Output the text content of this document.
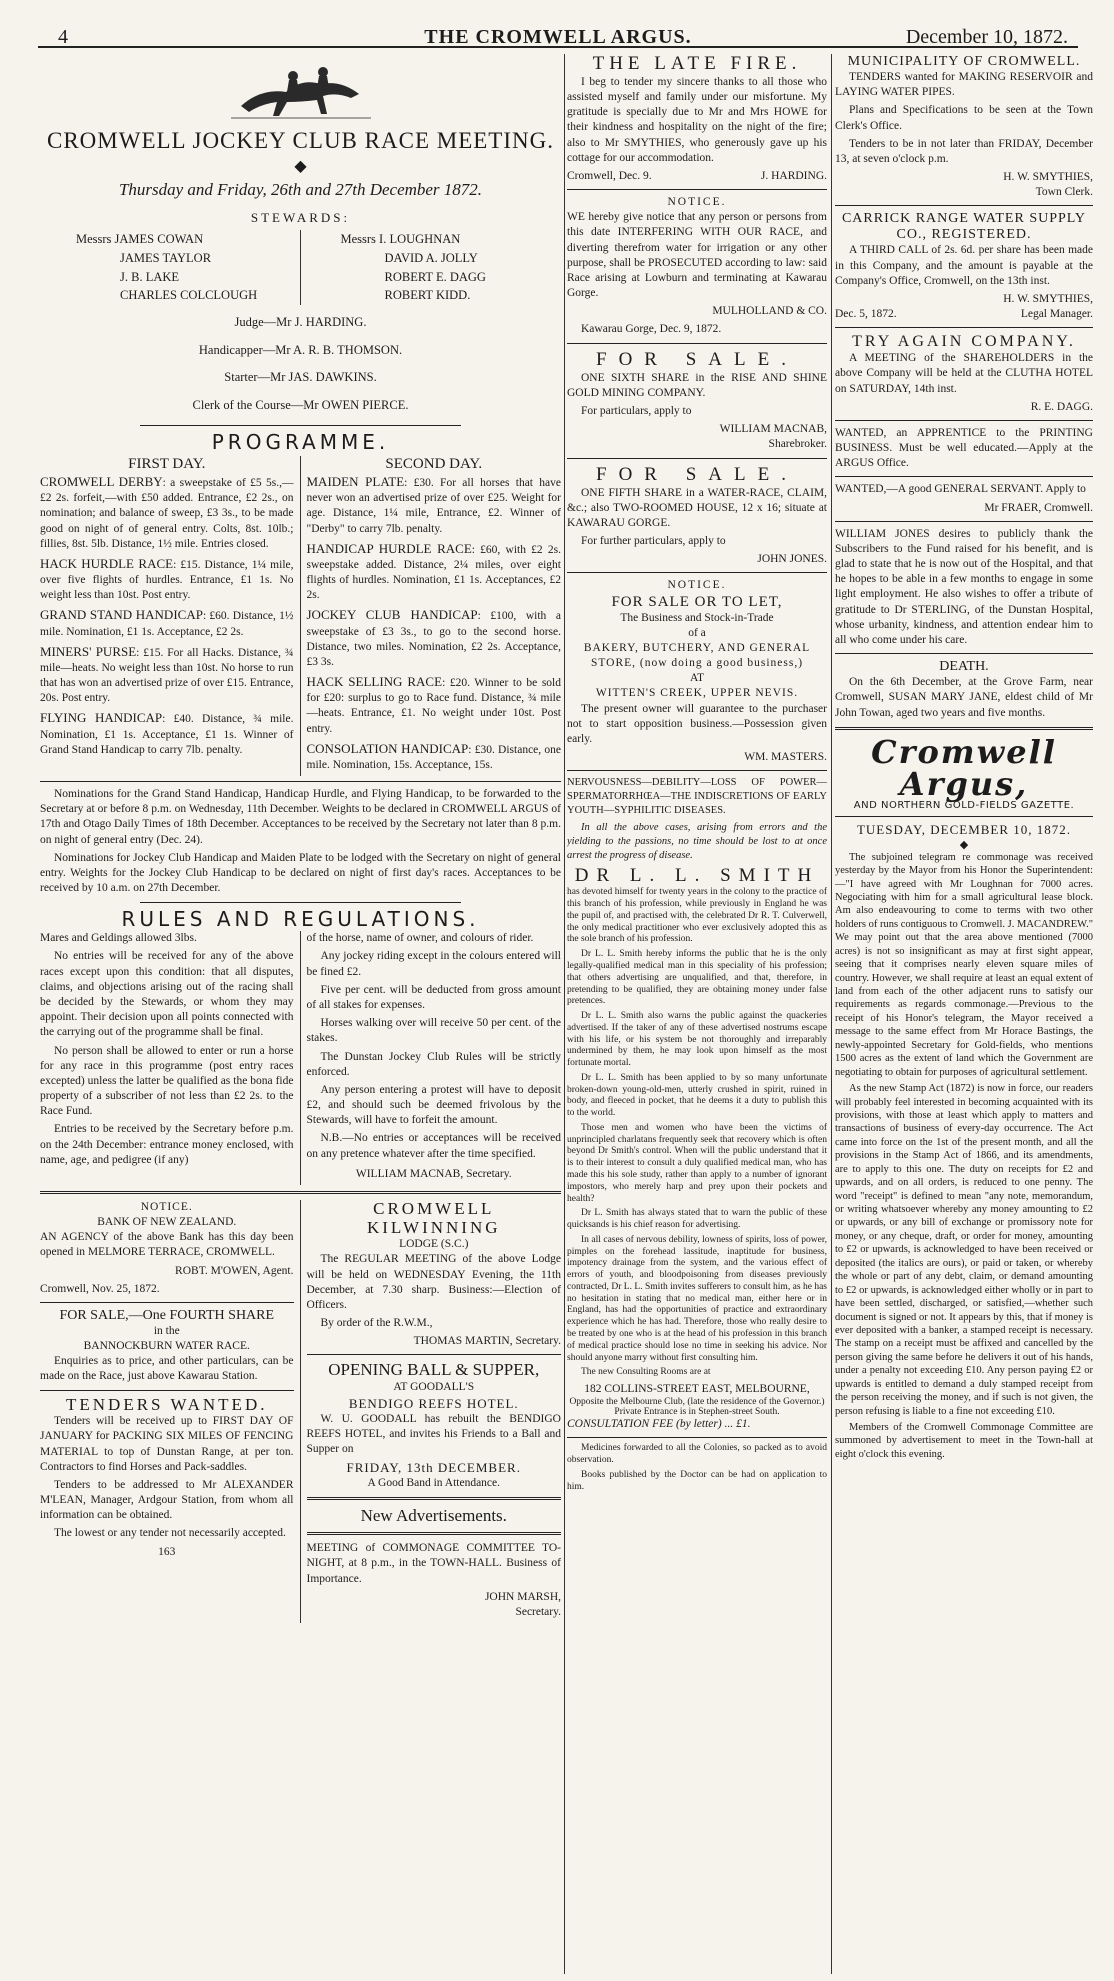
4	THE CROMWELL ARGUS.	December 10, 1872.
CROMWELL JOCKEY CLUB RACE MEETING.
◆
Thursday and Friday, 26th and 27th December 1872.
STEWARDS:
Messrs JAMES COWAN
JAMES TAYLOR
J. B. LAKE
CHARLES COLCLOUGH
Messrs I. LOUGHNAN
DAVID A. JOLLY
ROBERT E. DAGG
ROBERT KIDD.
Judge—Mr J. HARDING.
Handicapper—Mr A. R. B. THOMSON.
Starter—Mr JAS. DAWKINS.
Clerk of the Course—Mr OWEN PIERCE.
PROGRAMME.
FIRST DAY.
CROMWELL DERBY: a sweepstake of £5 5s.,—£2 2s. forfeit,—with £50 added. Entrance, £2 2s., on nomination; and balance of sweep, £3 3s., to be made good on night of of general entry. Colts, 8st. 10lb.; fillies, 8st. 5lb. Distance, 1½ mile. Entries closed.
HACK HURDLE RACE: £15. Distance, 1¼ mile, over five flights of hurdles. Entrance, £1 1s. No weight less than 10st. Post entry.
GRAND STAND HANDICAP: £60. Distance, 1½ mile. Nomination, £1 1s. Acceptance, £2 2s.
MINERS' PURSE: £15. For all Hacks. Distance, ¾ mile—heats. No weight less than 10st. No horse to run that has won an advertised prize of over £15. Entrance, 20s. Post entry.
FLYING HANDICAP: £40. Distance, ¾ mile. Nomination, £1 1s. Acceptance, £1 1s. Winner of Grand Stand Handicap to carry 7lb. penalty.
SECOND DAY.
MAIDEN PLATE: £30. For all horses that have never won an advertised prize of over £25. Weight for age. Distance, 1¼ mile, Entrance, £2. Winner of "Derby" to carry 7lb. penalty.
HANDICAP HURDLE RACE: £60, with £2 2s. sweepstake added. Distance, 2¼ miles, over eight flights of hurdles. Nomination, £1 1s. Acceptances, £2 2s.
JOCKEY CLUB HANDICAP: £100, with a sweepstake of £3 3s., to go to the second horse. Distance, two miles. Nomination, £2 2s. Acceptance, £3 3s.
HACK SELLING RACE: £20. Winner to be sold for £20: surplus to go to Race fund. Distance, ¾ mile—heats. Entrance, £1. No weight under 10st. Post entry.
CONSOLATION HANDICAP: £30. Distance, one mile. Nomination, 15s. Acceptance, 15s.

Nominations for the Grand Stand Handicap, Handicap Hurdle, and Flying Handicap, to be forwarded to the Secretary at or before 8 p.m. on Wednesday, 11th December. Weights to be declared in CROMWELL ARGUS of 17th and Otago Daily Times of 18th December. Acceptances to be received by the Secretary not later than 8 p.m. on night of general entry (Dec. 24).

Nominations for Jockey Club Handicap and Maiden Plate to be lodged with the Secretary on night of general entry. Weights for the Jockey Club Handicap to be declared on night of first day's races. Acceptances to be received by 10 a.m. on 27th December.

RULES AND REGULATIONS.

Mares and Geldings allowed 3lbs.

No entries will be received for any of the above races except upon this condition: that all disputes, claims, and objections arising out of the racing shall be decided by the Stewards, or whom they may appoint. Their decision upon all points connected with the carrying out of the programme shall be final.

No person shall be allowed to enter or run a horse for any race in this programme (post entry races excepted) unless the latter be qualified as the bona fide property of a subscriber of not less than £2 2s. to the Race Fund.

Entries to be received by the Secretary before p.m. on the 24th December: entrance money enclosed, with name, age, and pedigree (if any)

of the horse, name of owner, and colours of rider.

Any jockey riding except in the colours entered will be fined £2.

Five per cent. will be deducted from gross amount of all stakes for expenses.

Horses walking over will receive 50 per cent. of the stakes.

The Dunstan Jockey Club Rules will be strictly enforced.

Any person entering a protest will have to deposit £2, and should such be deemed frivolous by the Stewards, will have to forfeit the amount.

N.B.—No entries or acceptances will be received on any pretence whatever after the time specified.

WILLIAM MACNAB, Secretary.

NOTICE.
BANK OF NEW ZEALAND.

AN AGENCY of the above Bank has this day been opened in MELMORE TERRACE, CROMWELL.

ROBT. M'OWEN, Agent.

Cromwell, Nov. 25, 1872.

FOR SALE,—One FOURTH SHARE
in the
BANNOCKBURN WATER RACE.

Enquiries as to price, and other particulars, can be made on the Race, just above Kawarau Station.

TENDERS WANTED.

Tenders will be received up to FIRST DAY OF JANUARY for PACKING SIX MILES OF FENCING MATERIAL to top of Dunstan Range, at per ton. Contractors to find Horses and Pack-saddles.

Tenders to be addressed to Mr ALEXANDER M'LEAN, Manager, Ardgour Station, from whom all information can be obtained.

The lowest or any tender not necessarily accepted.

163

CROMWELL KILWINNING
LODGE (S.C.)

The REGULAR MEETING of the above Lodge will be held on WEDNESDAY Evening, the 11th December, at 7.30 sharp. Business:—Election of Officers.

By order of the R.W.M.,

THOMAS MARTIN, Secretary.

OPENING BALL & SUPPER,
AT GOODALL'S
BENDIGO REEFS HOTEL.

W. U. GOODALL has rebuilt the BENDIGO REEFS HOTEL, and invites his Friends to a Ball and Supper on

FRIDAY, 13th DECEMBER.
A Good Band in Attendance.
New Advertisements.

MEETING of COMMONAGE COMMITTEE TO-NIGHT, at 8 p.m., in the TOWN-HALL. Business of Importance.

JOHN MARSH,

Secretary.

THE LATE FIRE.

I beg to tender my sincere thanks to all those who assisted myself and family under our misfortune. My gratitude is specially due to Mr and Mrs HOWE for their kindness and hospitality on the night of the fire; also to Mr SMYTHIES, who generously gave up his cottage for our accommodation.

Cromwell, Dec. 9.	J. HARDING.
NOTICE.

WE hereby give notice that any person or persons from this date INTERFERING WITH OUR RACE, and diverting therefrom water for irrigation or any other purpose, shall be PROSECUTED according to law: said Race arising at Lowburn and terminating at Kawarau Gorge.

MULHOLLAND & CO.

Kawarau Gorge, Dec. 9, 1872.

FOR SALE.

ONE SIXTH SHARE in the RISE AND SHINE GOLD MINING COMPANY.

For particulars, apply to

WILLIAM MACNAB,

Sharebroker.

FOR SALE.

ONE FIFTH SHARE in a WATER-RACE, CLAIM, &c.; also TWO-ROOMED HOUSE, 12 x 16; situate at KAWARAU GORGE.

For further particulars, apply to

JOHN JONES.

NOTICE.
FOR SALE OR TO LET,
The Business and Stock-in-Trade
of a
BAKERY, BUTCHERY, AND GENERAL STORE, (now doing a good business,)
AT
WITTEN'S CREEK, UPPER NEVIS.

The present owner will guarantee to the purchaser not to start opposition business.—Possession given early.

WM. MASTERS.

NERVOUSNESS—DEBILITY—LOSS OF POWER—SPERMATORRHŒA—THE INDISCRETIONS OF EARLY YOUTH—SYPHILITIC DISEASES.

In all the above cases, arising from errors and the yielding to the passions, no time should be lost to at once arrest the progress of disease.

DR L. L. SMITH

has devoted himself for twenty years in the colony to the practice of this branch of his profession, while previously in England he was the pupil of, and practised with, the celebrated Dr R. T. Culverwell, the only medical practitioner who ever exclusively adopted this as the sole branch of his profession.

Dr L. L. Smith hereby informs the public that he is the only legally-qualified medical man in this speciality of his profession; that others advertising are unqualified, and that, therefore, in pretending to be qualified, they are obtaining money under false pretences.

Dr L. L. Smith also warns the public against the quackeries advertised. If the taker of any of these advertised nostrums escape with his life, or his system be not thoroughly and irreparably undermined by them, he may look upon himself as the most fortunate mortal.

Dr L. L. Smith has been applied to by so many unfortunate broken-down young-old-men, utterly crushed in spirit, ruined in body, and fleeced in pocket, that he deems it a duty to publish this to the world.

Those men and women who have been the victims of unprincipled charlatans frequently seek that recovery which is often beyond Dr Smith's control. When will the public understand that it is to their interest to consult a duly qualified medical man, who has made this his sole study, rather than apply to a number of ignorant impostors, who merely harp and prey upon their pockets and health?

Dr L. Smith has always stated that to warn the public of these quicksands is his chief reason for advertising.

In all cases of nervous debility, lowness of spirits, loss of power, pimples on the forehead lassitude, inaptitude for business, impotency drainage from the system, and the various effect of errors of youth, and bloodpoisoning from diseases previously contracted, Dr L. L. Smith invites sufferers to consult him, as he has no hesitation in stating that no medical man, either here or in England, has had the opportunities of practice and extraordinary experience which he has had. Therefore, those who really desire to be treated by one who is at the head of his profession in this branch of medical practice should lose no time in seeking his advice. Nor should anyone marry without first consulting him.

The new Consulting Rooms are at

182 COLLINS-STREET EAST, MELBOURNE,
Opposite the Melbourne Club, (late the residence of the Governor.)
Private Entrance is in Stephen-street South.
CONSULTATION FEE (by letter) ... £1.

Medicines forwarded to all the Colonies, so packed as to avoid observation.

Books published by the Doctor can be had on application to him.

MUNICIPALITY OF CROMWELL.

TENDERS wanted for MAKING RESERVOIR and LAYING WATER PIPES.

Plans and Specifications to be seen at the Town Clerk's Office.

Tenders to be in not later than FRIDAY, December 13, at seven o'clock p.m.

H. W. SMYTHIES,

Town Clerk.

CARRICK RANGE WATER SUPPLY CO., REGISTERED.

A THIRD CALL of 2s. 6d. per share has been made in this Company, and the amount is payable at the Company's Office, Cromwell, on the 13th inst.

H. W. SMYTHIES,

Dec. 5, 1872.	Legal Manager.
TRY AGAIN COMPANY.

A MEETING of the SHAREHOLDERS in the above Company will be held at the CLUTHA HOTEL on SATURDAY, 14th inst.

R. E. DAGG.

WANTED, an APPRENTICE to the PRINTING BUSINESS. Must be well educated.—Apply at the ARGUS Office.

WANTED,—A good GENERAL SERVANT. Apply to

Mr FRAER, Cromwell.

WILLIAM JONES desires to publicly thank the Subscribers to the Fund raised for his benefit, and is glad to state that he is now out of the Hospital, and that he hopes to be able in a few months to engage in some light employment. He also wishes to offer a tribute of gratitude to Dr STERLING, of the Dunstan Hospital, whose urbanity, kindness, and attention endear him to all who come under his care.

DEATH.

On the 6th December, at the Grove Farm, near Cromwell, SUSAN MARY JANE, eldest child of Mr John Towan, aged two years and five months.

Cromwell Argus,
AND NORTHERN GOLD-FIELDS GAZETTE.
TUESDAY, DECEMBER 10, 1872.
◆

The subjoined telegram re commonage was received yesterday by the Mayor from his Honor the Superintendent:—"I have agreed with Mr Loughnan for 7000 acres. Negociating with him for a small agricultural lease block. Am also endeavouring to come to terms with two other holders of runs contiguous to Cromwell. J. MACANDREW." We may point out that the area above mentioned (7000 acres) is not so insignificant as may at first sight appear, seeing that it comprises nearly eleven square miles of country. However, we shall require at least an equal extent of land from each of the other adjacent runs to satisfy our requirements as regards commonage.—Previous to the receipt of his Honor's telegram, the Mayor received a message to the same effect from Mr Horace Bastings, the newly-appointed Secretary for Gold-fields, who mentions 1500 acres as the extent of land which the Government are negotiating to obtain for purposes of agricultural settlement.

As the new Stamp Act (1872) is now in force, our readers will probably feel interested in becoming acquainted with its provisions, with those at least which apply to matters and transactions of business of every-day occurrence. The Act came into force on the 1st of the present month, and all the provisions in the Stamp Act of 1866, and its amendments, are to apply to this one. The duty on receipts for £2 and upwards, and on all orders, is reduced to one penny. The word "receipt" is defined to mean "any note, memorandum, or writing whatsoever whereby any money amounting to £2 or upwards, or any bill of exchange or promissory note for money, or any cheque, draft, or order for money, amounting to £2 or upwards, is acknowledged to have been received or deposited (the italics are ours), or paid or taken, or whereby the whole or part of any debt, claim, or demand amounting to £2 or upwards, is acknowledged either wholly or in part to have been settled, discharged, or satisfied,—whether such document is signed or not. It appears by this, that if money is ever deposited with a banker, a stamped receipt is necessary. The stamp on a receipt must be affixed and cancelled by the person giving the same before he delivers it out of his hands, under a penalty not exceeding £10. Any person paying £2 or upwards is entitled to demand a duly stamped receipt from the person receiving the money, and if such is not given, the person refusing is liable to a fine not exceeding £10.

Members of the Cromwell Commonage Committee are summoned by advertisement to meet in the Town-hall at eight o'clock this evening.
